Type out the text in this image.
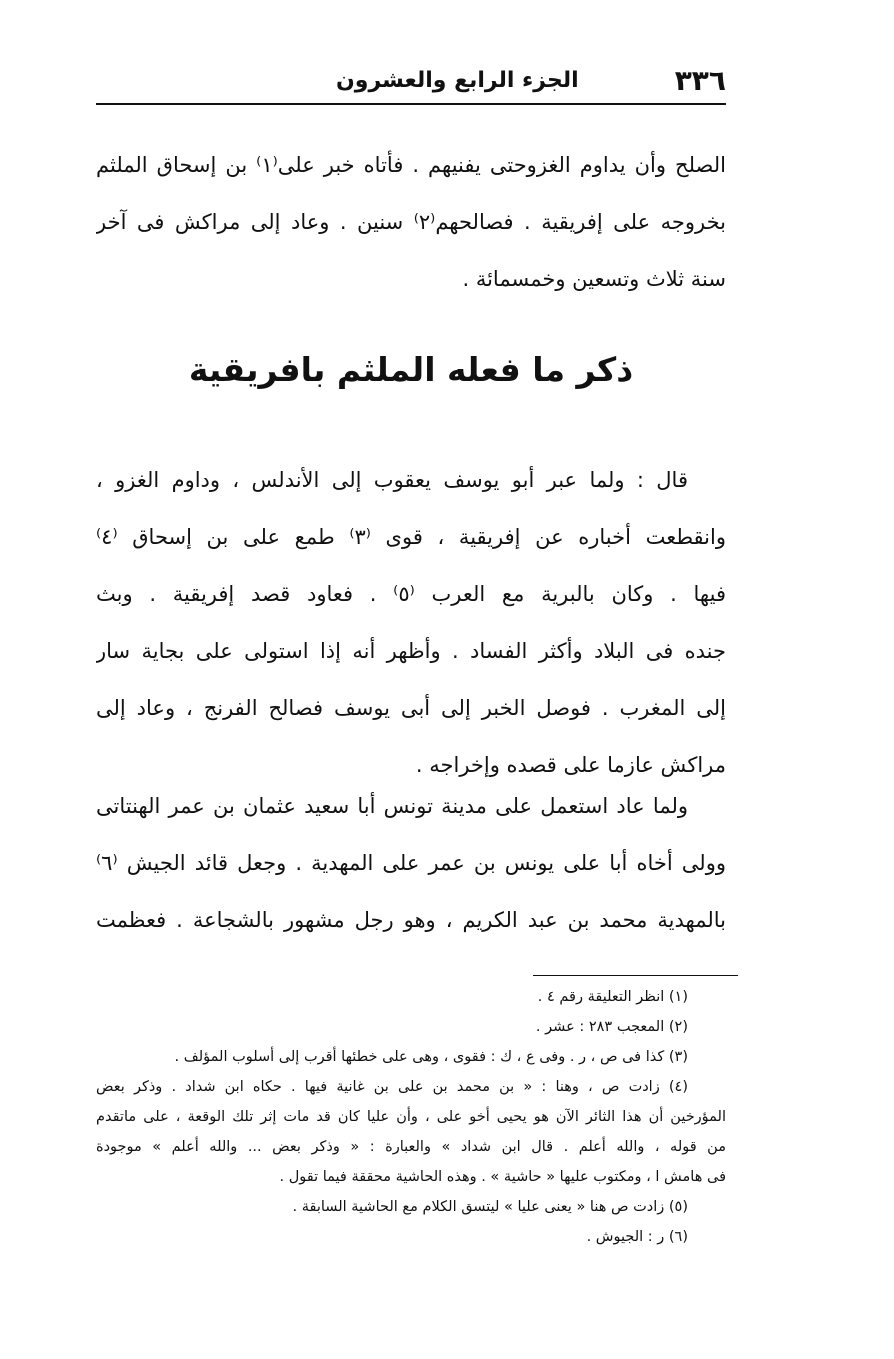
٣٣٦
الجزء الرابع والعشرون
الصلح وأن يداوم الغزوحتى يفنيهم . فأتاه خبر على⁽١⁾ بن إسحاق الملثم
بخروجه على إفريقية . فصالحهم⁽٢⁾ سنين . وعاد إلى مراكش فى آخر
سنة ثلاث وتسعين وخمسمائة .
ذكر ما فعله الملثم بافريقية
قال : ولما عبر أبو يوسف يعقوب إلى الأندلس ، وداوم الغزو ،
وانقطعت أخباره عن إفريقية ، قوى ⁽٣⁾ طمع على بن إسحاق ⁽٤⁾
فيها . وكان بالبرية مع العرب ⁽٥⁾ . فعاود قصد إفريقية . وبث
جنده فى البلاد وأكثر الفساد . وأظهر أنه إذا استولى على بجاية سار
إلى المغرب . فوصل الخبر إلى أبى يوسف فصالح الفرنج ، وعاد إلى
مراكش عازما على قصده وإخراجه .
ولما عاد استعمل على مدينة تونس أبا سعيد عثمان بن عمر الهنتاتى
وولى أخاه أبا على يونس بن عمر على المهدية . وجعل قائد الجيش ⁽٦⁾
بالمهدية محمد بن عبد الكريم ، وهو رجل مشهور بالشجاعة . فعظمت
(١) انظر التعليقة رقم ٤ .
(٢) المعجب ٢٨٣ : عشر .
(٣) كذا فى ص ، ر . وفى ع ، ك : فقوى ، وهى على خطئها أقرب إلى أسلوب المؤلف .
(٤) زادت ص ، وهنا : « بن محمد بن على بن غانية فيها . حكاه ابن شداد . وذكر بعض
المؤرخين أن هذا الثائر الآن هو يحيى أخو على ، وأن عليا كان قد مات إثر تلك الوقعة ، على ماتقدم
من قوله ، والله أعلم . قال ابن شداد » والعبارة : « وذكر بعض ... والله أعلم » موجودة
فى هامش ا ، ومكتوب عليها « حاشية » . وهذه الحاشية محققة فيما تقول .
(٥) زادت ص هنا « يعنى عليا » ليتسق الكلام مع الحاشية السابقة .
(٦) ر : الجيوش .
